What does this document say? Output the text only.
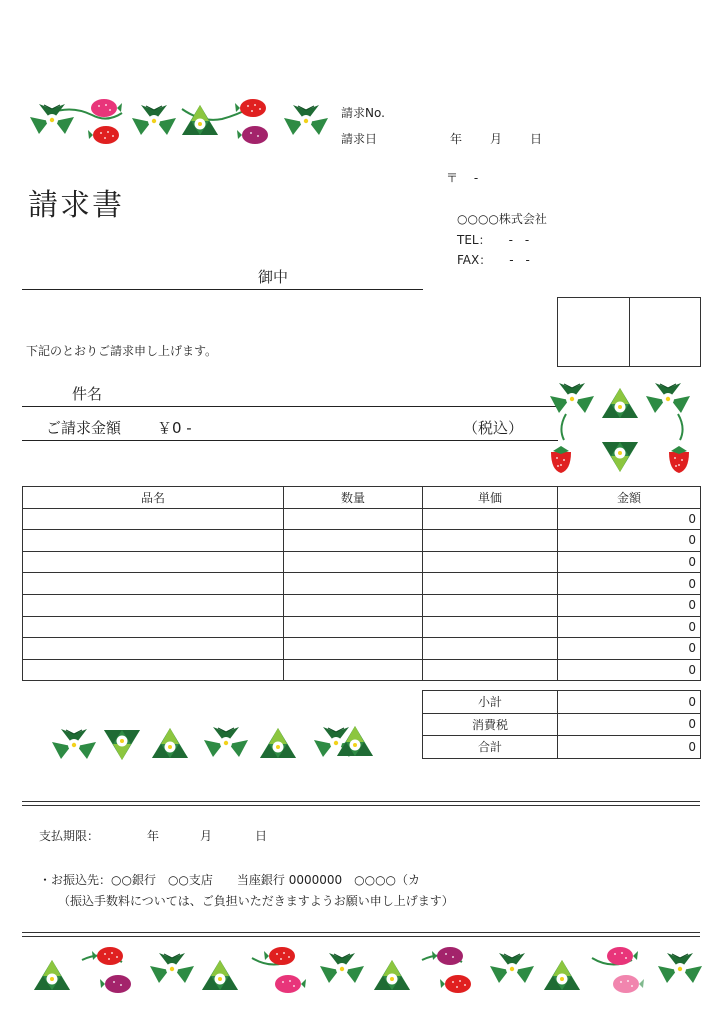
請求No.
請求日	年 月 日
〒　 -
○○○○株式会社
TEL：　　-　-
FAX：　　-　-
請求書
御中
下記のとおりご請求申し上げます。
件名
ご請求金額 ￥0 -	（税込）
品名	数量	単価	金額
			0
			0
			0
			0
			0
			0
			0
			0
小計	0
消費税	0
合計	0
支払期限：	年	月	日
・お振込先：○○銀行　○○支店　　当座銀行 0000000　○○○○（カ
（振込手数料については、ご負担いただきますようお願い申し上げます）
